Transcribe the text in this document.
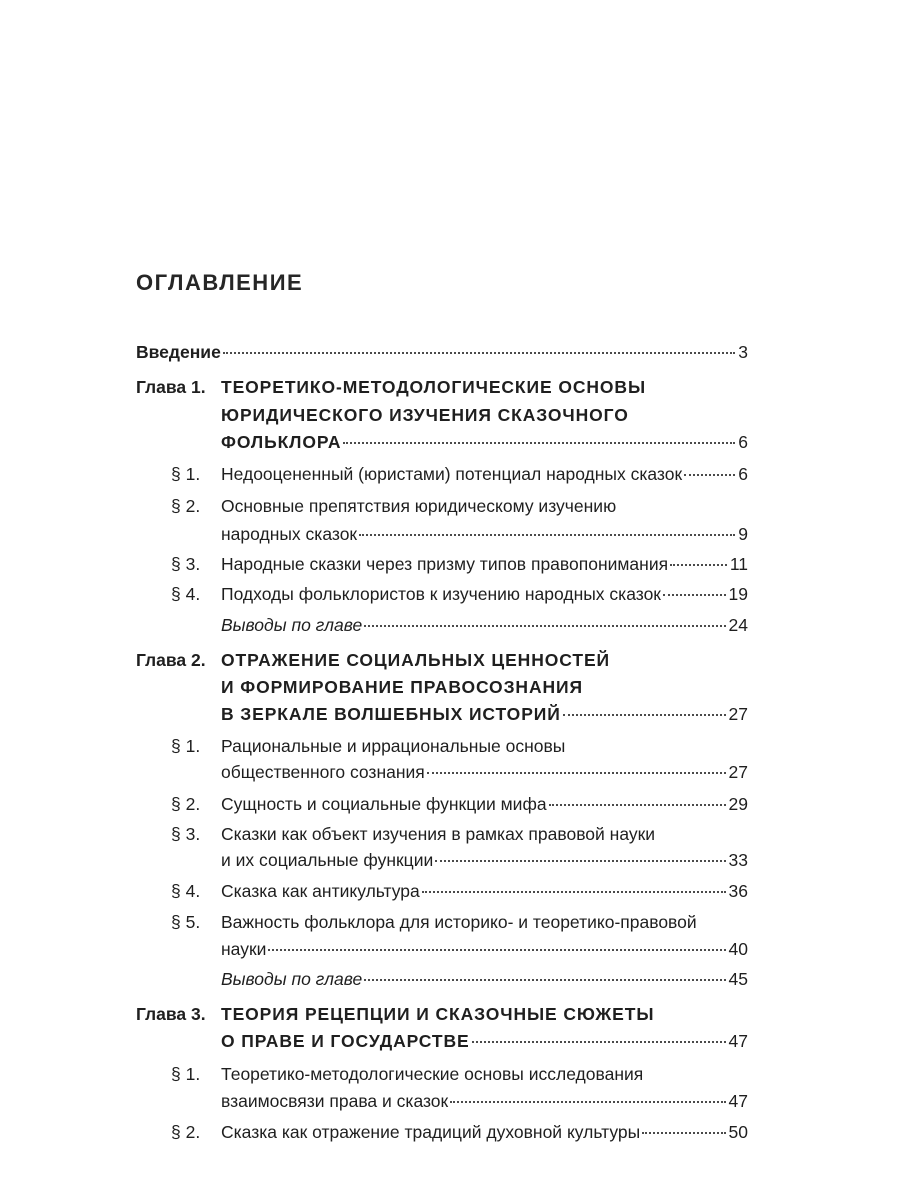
ОГЛАВЛЕНИЕ
Введение	3
Глава 1. ТЕОРЕТИКО-МЕТОДОЛОГИЧЕСКИЕ ОСНОВЫ
ЮРИДИЧЕСКОГО ИЗУЧЕНИЯ СКАЗОЧНОГО
ФОЛЬКЛОРА	6
§ 1. Недооцененный (юристами) потенциал народных сказок	6
§ 2. Основные препятствия юридическому изучению
народных сказок	9
§ 3. Народные сказки через призму типов правопонимания	11
§ 4. Подходы фольклористов к изучению народных сказок	19
Выводы по главе	24
Глава 2. ОТРАЖЕНИЕ СОЦИАЛЬНЫХ ЦЕННОСТЕЙ
И ФОРМИРОВАНИЕ ПРАВОСОЗНАНИЯ
В ЗЕРКАЛЕ ВОЛШЕБНЫХ ИСТОРИЙ	27
§ 1. Рациональные и иррациональные основы
общественного сознания	27
§ 2. Сущность и социальные функции мифа	29
§ 3. Сказки как объект изучения в рамках правовой науки
и их социальные функции	33
§ 4. Сказка как антикультура	36
§ 5. Важность фольклора для историко- и теоретико-правовой
науки	40
Выводы по главе	45
Глава 3. ТЕОРИЯ РЕЦЕПЦИИ И СКАЗОЧНЫЕ СЮЖЕТЫ
О ПРАВЕ И ГОСУДАРСТВЕ	47
§ 1. Теоретико-методологические основы исследования
взаимосвязи права и сказок	47
§ 2. Сказка как отражение традиций духовной культуры	50
